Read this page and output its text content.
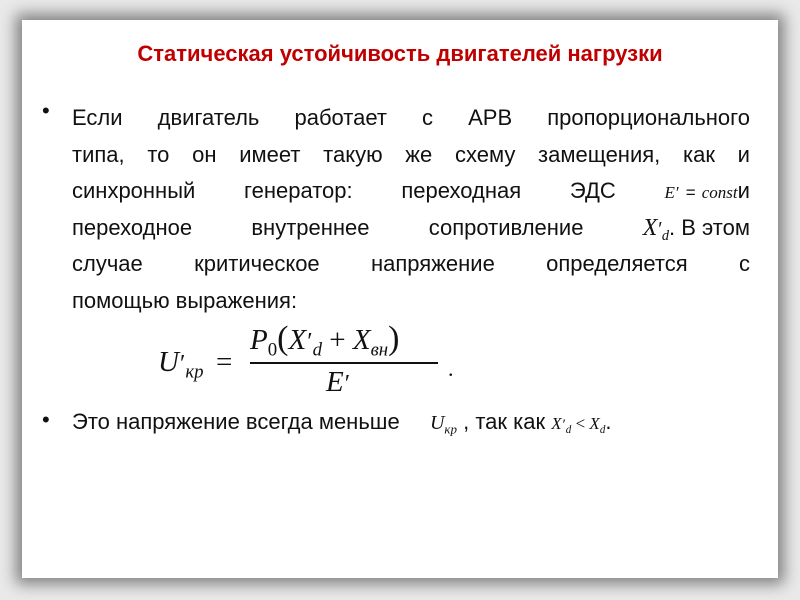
Статическая устойчивость двигателей нагрузки
• Если двигатель работает с АРВ пропорционального
типа, то он имеет такую же схему замещения, как и
синхронный генератор: переходная ЭДС	E′ = constи
переходное	внутреннее	сопротивление $X'_d$. В этом
случае критическое напряжение определяется с
помощью выражения:
$U'_{кр}$ =
$P_0(X'_d + X_{вн})$
E′
.
• Это напряжение всегда меньше $U_{кр}$ , так как $X'_d < X_d$.
